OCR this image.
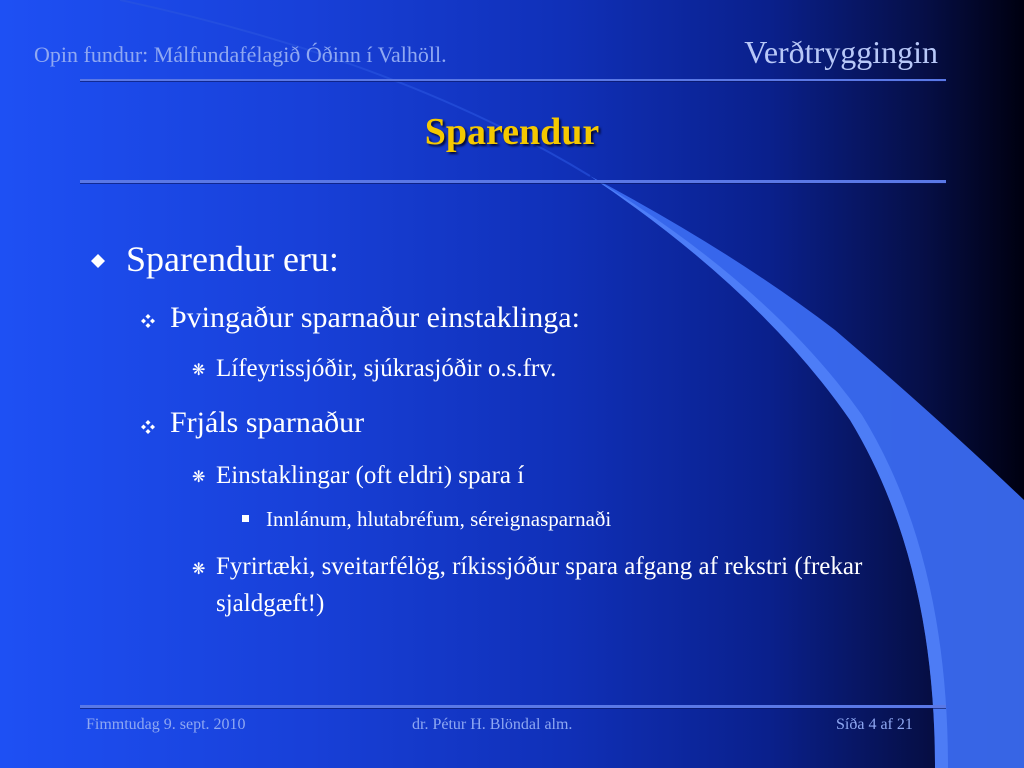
Opin fundur: Málfundafélagið Óðinn í Valhöll.	Verðtryggingin
Sparendur
Sparendur eru:
Þvingaður sparnaður einstaklinga:
❋ Lífeyrissjóðir, sjúkrasjóðir o.s.frv.
Frjáls sparnaður
❋ Einstaklingar (oft eldri) spara í
Innlánum, hlutabréfum, séreignasparnaði
❋ Fyrirtæki, sveitarfélög, ríkissjóður spara afgang af rekstri (frekar sjaldgæft!)
Fimmtudag 9. sept. 2010	dr. Pétur H. Blöndal alm.	Síða 4 af 21
